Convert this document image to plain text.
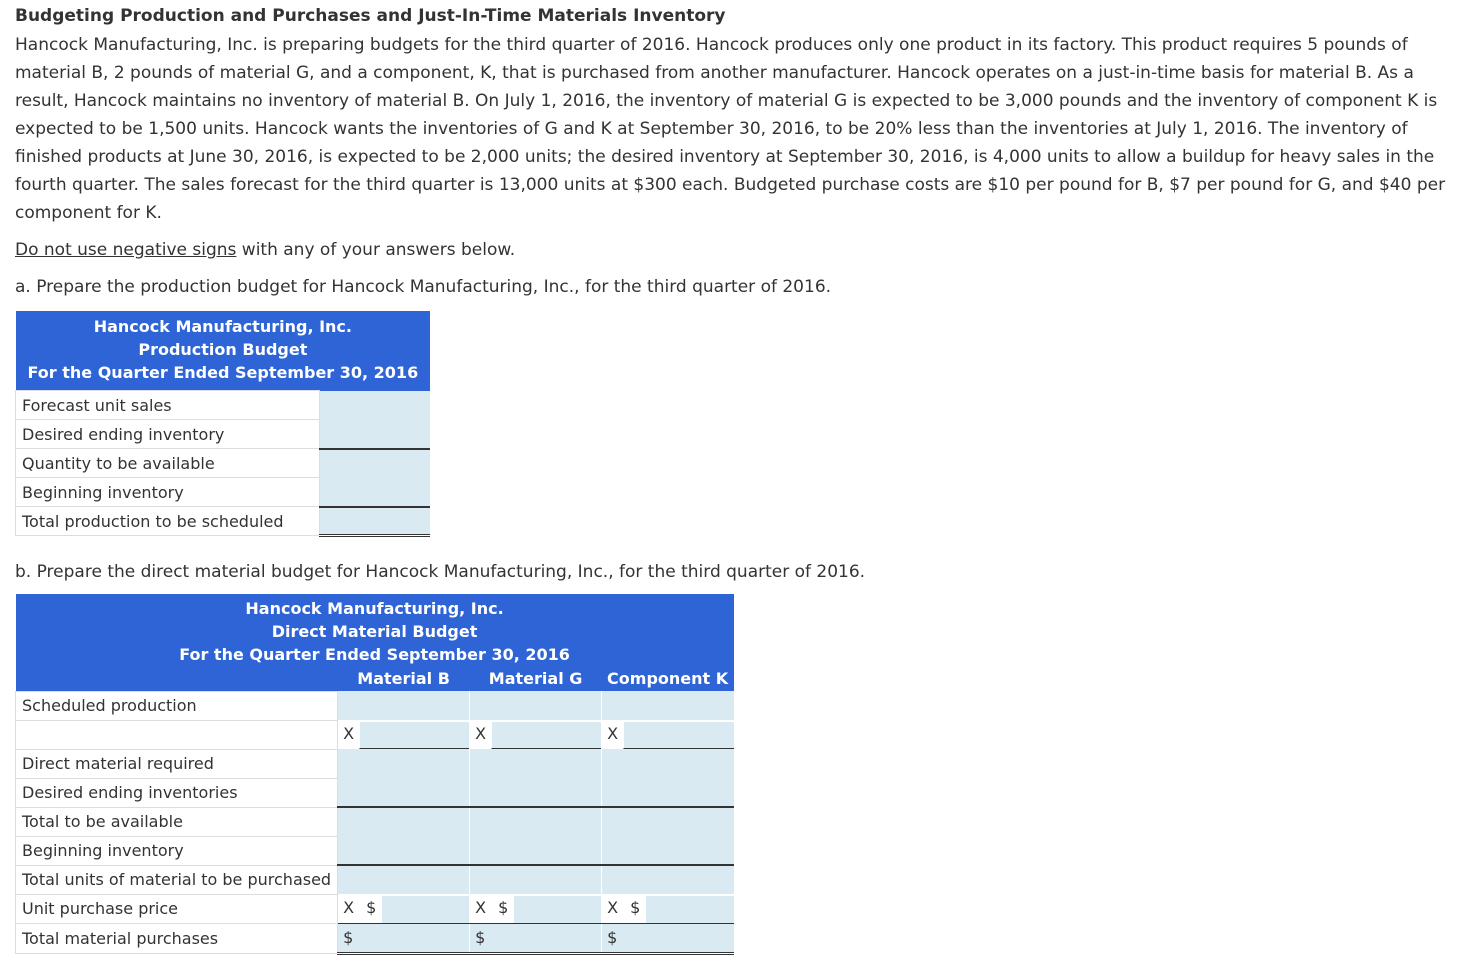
Budgeting Production and Purchases and Just-In-Time Materials Inventory

Hancock Manufacturing, Inc. is preparing budgets for the third quarter of 2016. Hancock produces only one product in its factory. This product requires 5 pounds of material B, 2 pounds of material G, and a component, K, that is purchased from another manufacturer. Hancock operates on a just-in-time basis for material B. As a result, Hancock maintains no inventory of material B. On July 1, 2016, the inventory of material G is expected to be 3,000 pounds and the inventory of component K is expected to be 1,500 units. Hancock wants the inventories of G and K at September 30, 2016, to be 20% less than the inventories at July 1, 2016. The inventory of finished products at June 30, 2016, is expected to be 2,000 units; the desired inventory at September 30, 2016, is 4,000 units to allow a buildup for heavy sales in the fourth quarter. The sales forecast for the third quarter is 13,000 units at $300 each. Budgeted purchase costs are $10 per pound for B, $7 per pound for G, and $40 per component for K.

Do not use negative signs with any of your answers below.
a. Prepare the production budget for Hancock Manufacturing, Inc., for the third quarter of 2016.
Hancock Manufacturing, Inc.
Production Budget
For the Quarter Ended September 30, 2016	

Forecast unit sales	
Desired ending inventory	
Quantity to be available	
Beginning inventory	
Total production to be scheduled	
b. Prepare the direct material budget for Hancock Manufacturing, Inc., for the third quarter of 2016.
Hancock Manufacturing, Inc.
Direct Material Budget
For the Quarter Ended September 30, 2016			

	Material B	Material G	Component K
Scheduled production			

	X	X	X

Direct material required			
Desired ending inventories			
Total to be available			
Beginning inventory			
Total units of material to be purchased			
Unit purchase price	X $	X $	X $

Total material purchases	$	$	$
